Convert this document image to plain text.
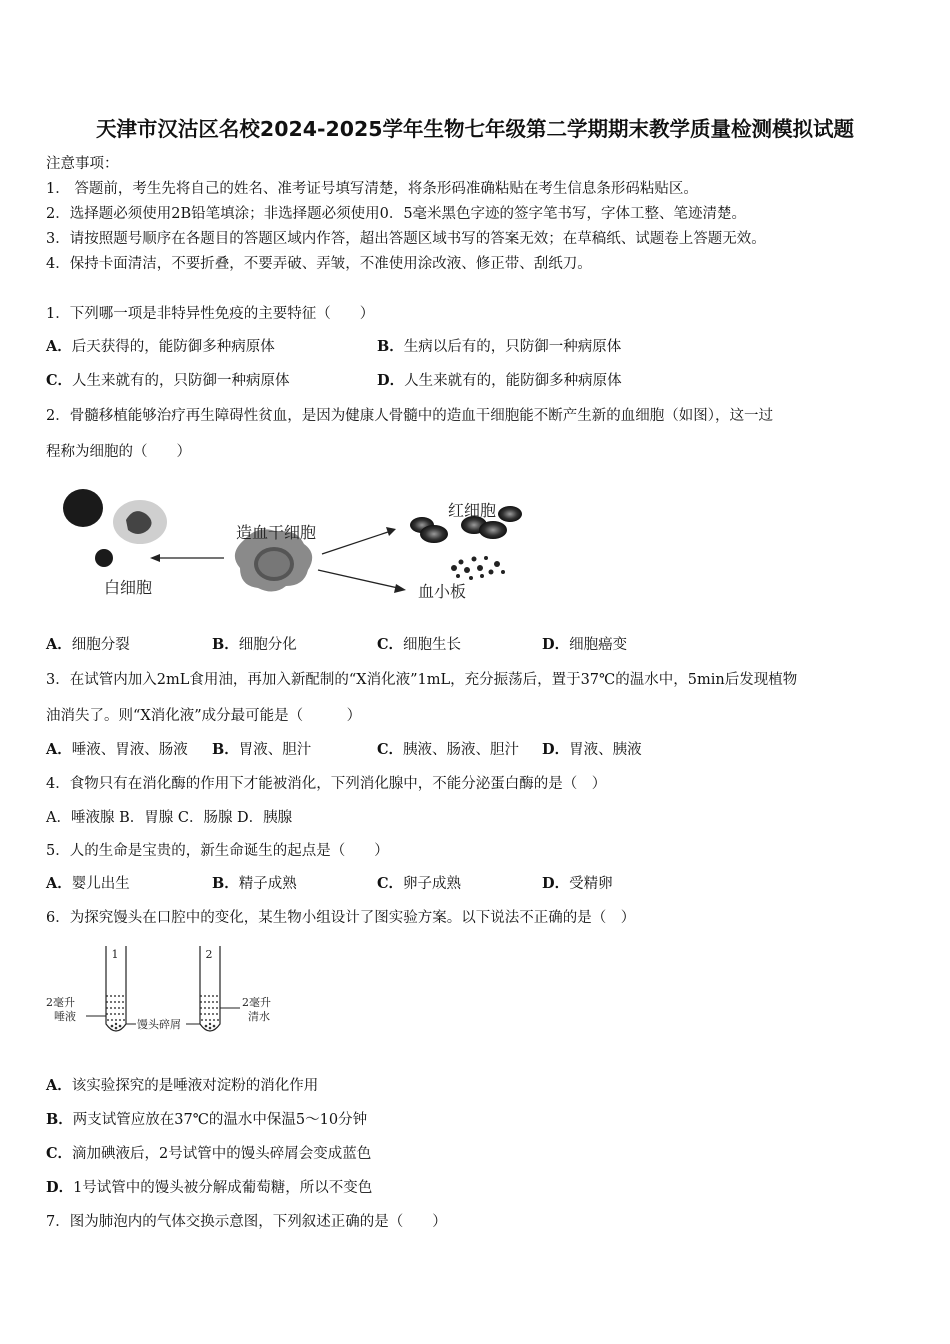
天津市汉沽区名校2024-2025学年生物七年级第二学期期末教学质量检测模拟试题
注意事项：
1． 答题前，考生先将自己的姓名、准考证号填写清楚，将条形码准确粘贴在考生信息条形码粘贴区。
2．选择题必须使用2B铅笔填涂；非选择题必须使用0．5毫米黑色字迹的签字笔书写，字体工整、笔迹清楚。
3．请按照题号顺序在各题目的答题区域内作答，超出答题区域书写的答案无效；在草稿纸、试题卷上答题无效。
4．保持卡面清洁，不要折叠，不要弄破、弄皱，不准使用涂改液、修正带、刮纸刀。
1．下列哪一项是非特异性免疫的主要特征（　　）
A．后天获得的，能防御多种病原体	B．生病以后有的，只防御一种病原体
C．人生来就有的，只防御一种病原体	D．人生来就有的，能防御多种病原体
2．骨髓移植能够治疗再生障碍性贫血，是因为健康人骨髓中的造血干细胞能不断产生新的血细胞（如图），这一过
程称为细胞的（　　）
造血干细胞
红细胞
白细胞	血小板
A．细胞分裂	B．细胞分化	C．细胞生长	D．细胞癌变
3．在试管内加入2mL食用油，再加入新配制的“X消化液”1mL，充分振荡后，置于37℃的温水中，5min后发现植物
油消失了。则“X消化液”成分最可能是（　　　）
A．唾液、胃液、肠液 B．胃液、胆汁	C．胰液、肠液、胆汁 D．胃液、胰液
4．食物只有在消化酶的作用下才能被消化，下列消化腺中，不能分泌蛋白酶的是（　）
A．唾液腺 B．胃腺 C．肠腺 D．胰腺
5．人的生命是宝贵的，新生命诞生的起点是（　　）
A．婴儿出生	B．精子成熟	C．卵子成熟	D．受精卵
6．为探究馒头在口腔中的变化，某生物小组设计了图实验方案。以下说法不正确的是（　）
1	2
2毫升
唾液
馒头碎屑
2毫升
清水
A．该实验探究的是唾液对淀粉的消化作用
B．两支试管应放在37℃的温水中保温5～10分钟
C．滴加碘液后，2号试管中的馒头碎屑会变成蓝色
D．1号试管中的馒头被分解成葡萄糖，所以不变色
7．图为肺泡内的气体交换示意图，下列叙述正确的是（　　）
